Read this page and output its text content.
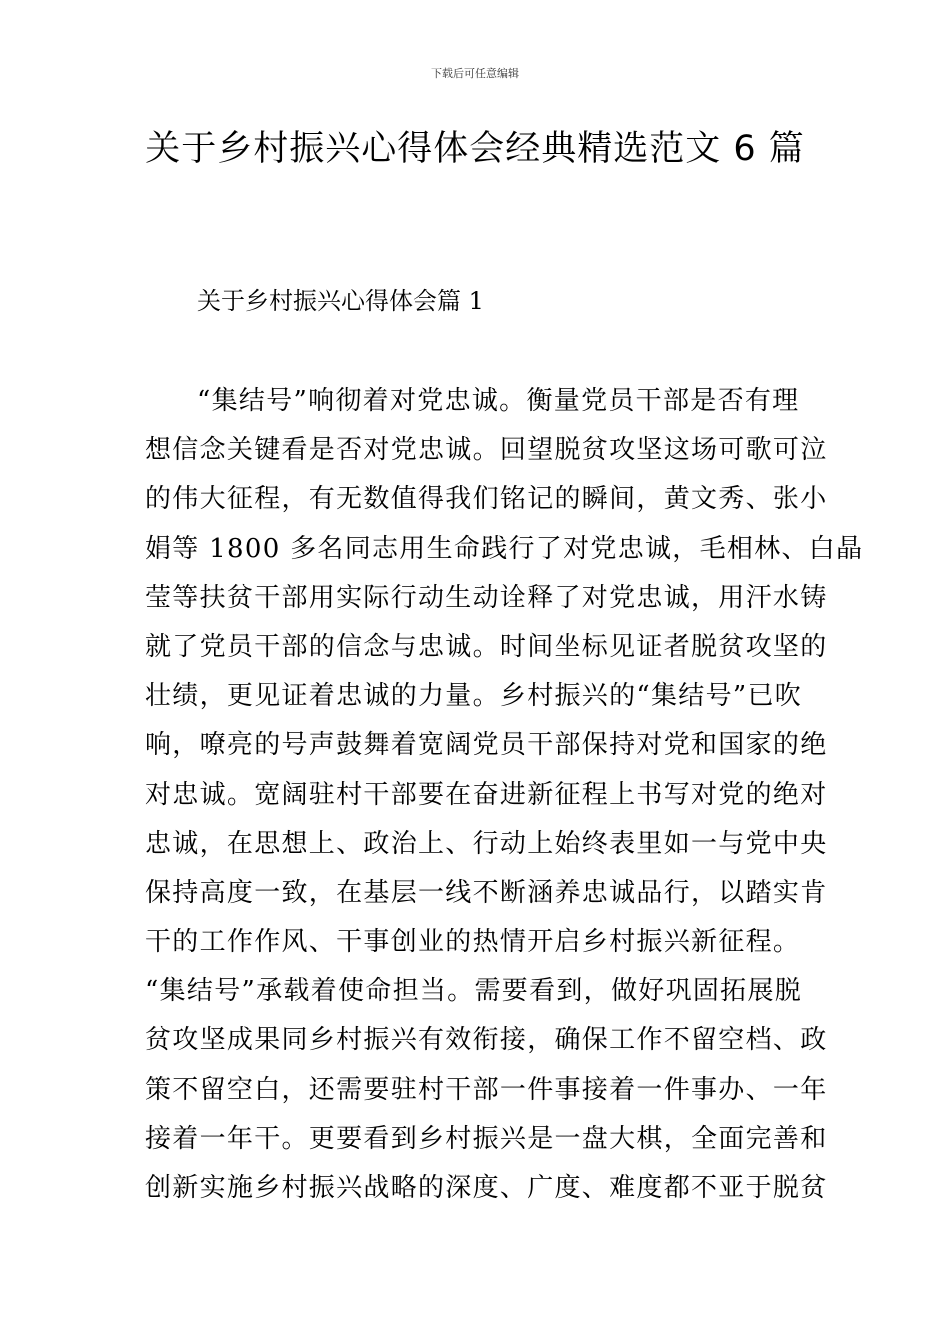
下载后可任意编辑
关于乡村振兴心得体会经典精选范文 6 篇
关于乡村振兴心得体会篇 1
“集结号”响彻着对党忠诚。衡量党员干部是否有理
想信念关键看是否对党忠诚。回望脱贫攻坚这场可歌可泣
的伟大征程，有无数值得我们铭记的瞬间，黄文秀、张小
娟等 1800 多名同志用生命践行了对党忠诚，毛相林、白晶
莹等扶贫干部用实际行动生动诠释了对党忠诚，用汗水铸
就了党员干部的信念与忠诚。时间坐标见证者脱贫攻坚的
壮绩，更见证着忠诚的力量。乡村振兴的“集结号”已吹
响，嘹亮的号声鼓舞着宽阔党员干部保持对党和国家的绝
对忠诚。宽阔驻村干部要在奋进新征程上书写对党的绝对
忠诚，在思想上、政治上、行动上始终表里如一与党中央
保持高度一致，在基层一线不断涵养忠诚品行，以踏实肯
干的工作作风、干事创业的热情开启乡村振兴新征程。
“集结号”承载着使命担当。需要看到，做好巩固拓展脱
贫攻坚成果同乡村振兴有效衔接，确保工作不留空档、政
策不留空白，还需要驻村干部一件事接着一件事办、一年
接着一年干。更要看到乡村振兴是一盘大棋，全面完善和
创新实施乡村振兴战略的深度、广度、难度都不亚于脱贫
